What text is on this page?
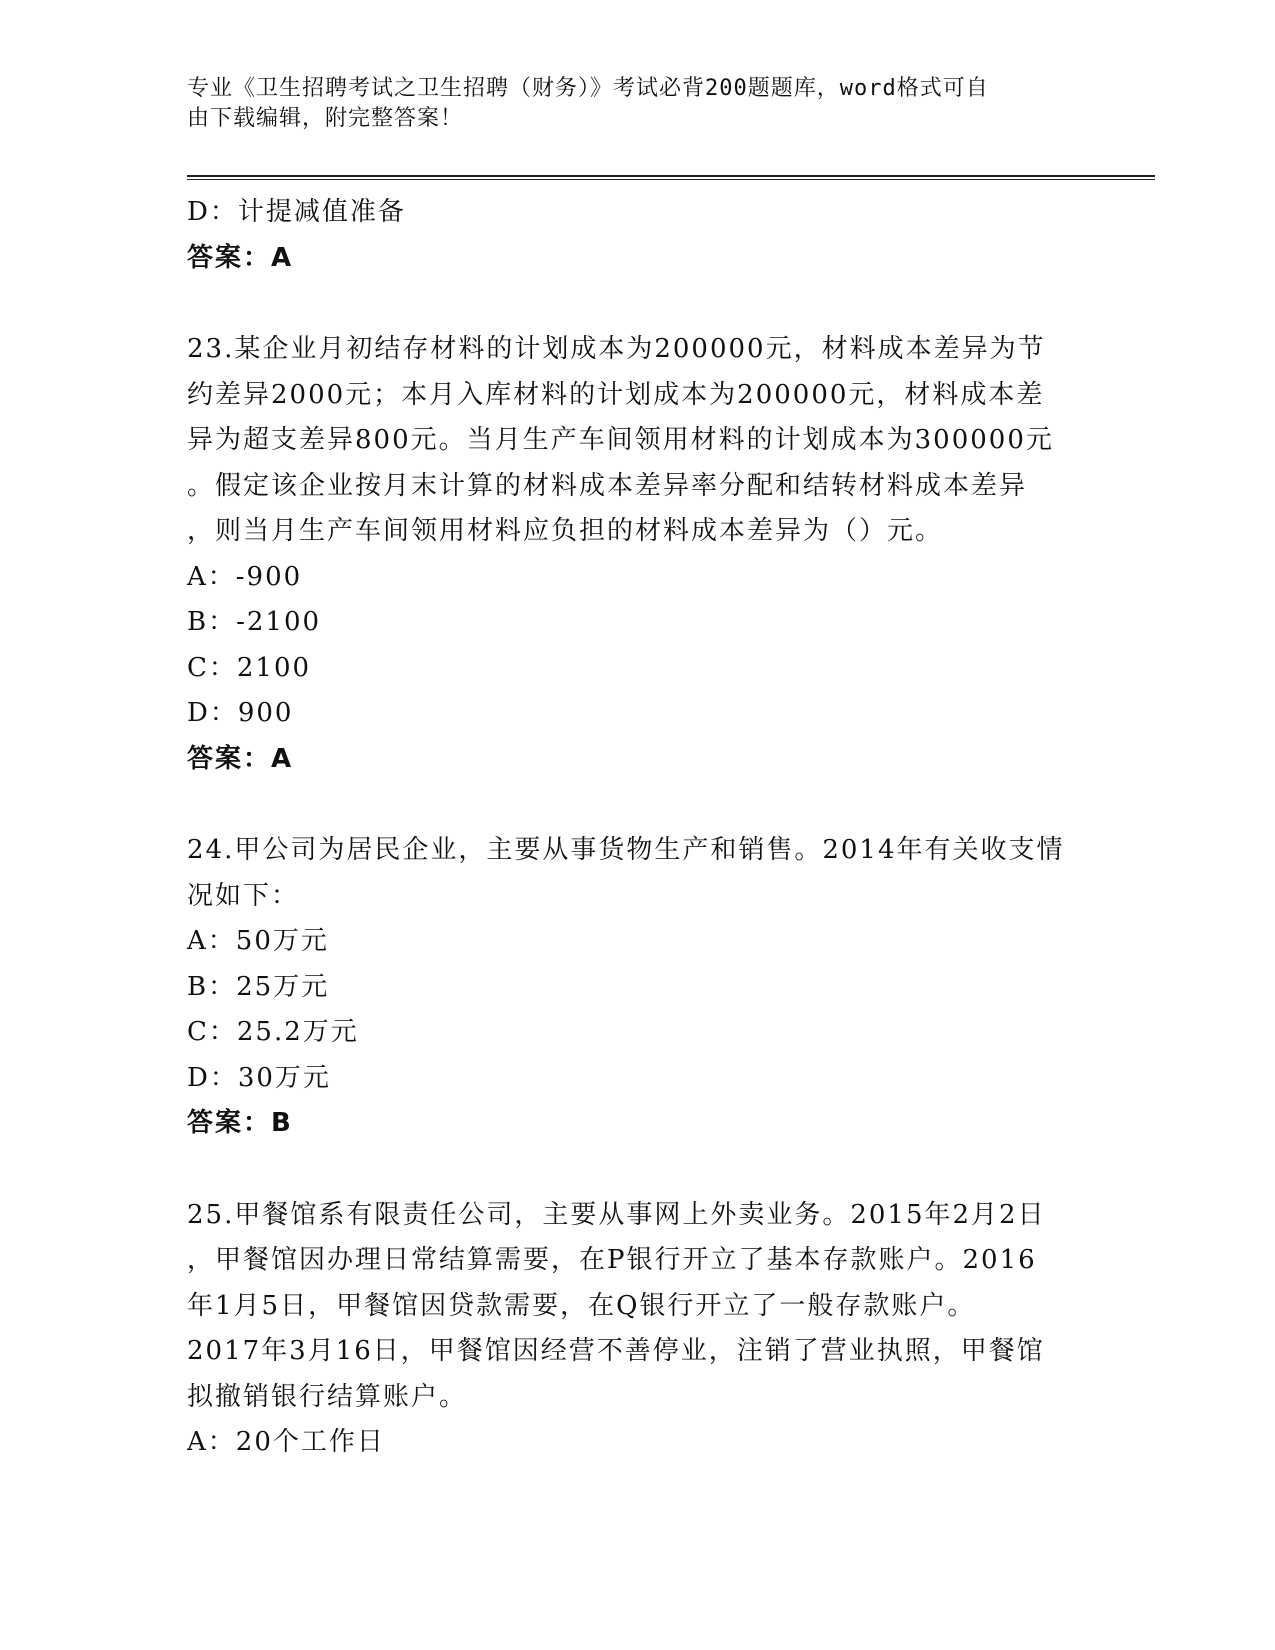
专业《卫生招聘考试之卫生招聘（财务）》考试必背200题题库，word格式可自
由下载编辑，附完整答案！
D：计提减值准备
答案：A
23.某企业月初结存材料的计划成本为200000元，材料成本差异为节
约差异2000元；本月入库材料的计划成本为200000元，材料成本差
异为超支差异800元。当月生产车间领用材料的计划成本为300000元
。假定该企业按月末计算的材料成本差异率分配和结转材料成本差异
，则当月生产车间领用材料应负担的材料成本差异为（）元。
A：-900
B：-2100
C：2100
D：900
答案：A
24.甲公司为居民企业，主要从事货物生产和销售。2014年有关收支情
况如下：
A：50万元
B：25万元
C：25.2万元
D：30万元
答案：B
25.甲餐馆系有限责任公司，主要从事网上外卖业务。2015年2月2日
，甲餐馆因办理日常结算需要，在P银行开立了基本存款账户。2016
年1月5日，甲餐馆因贷款需要，在Q银行开立了一般存款账户。
2017年3月16日，甲餐馆因经营不善停业，注销了营业执照，甲餐馆
拟撤销银行结算账户。
A：20个工作日
